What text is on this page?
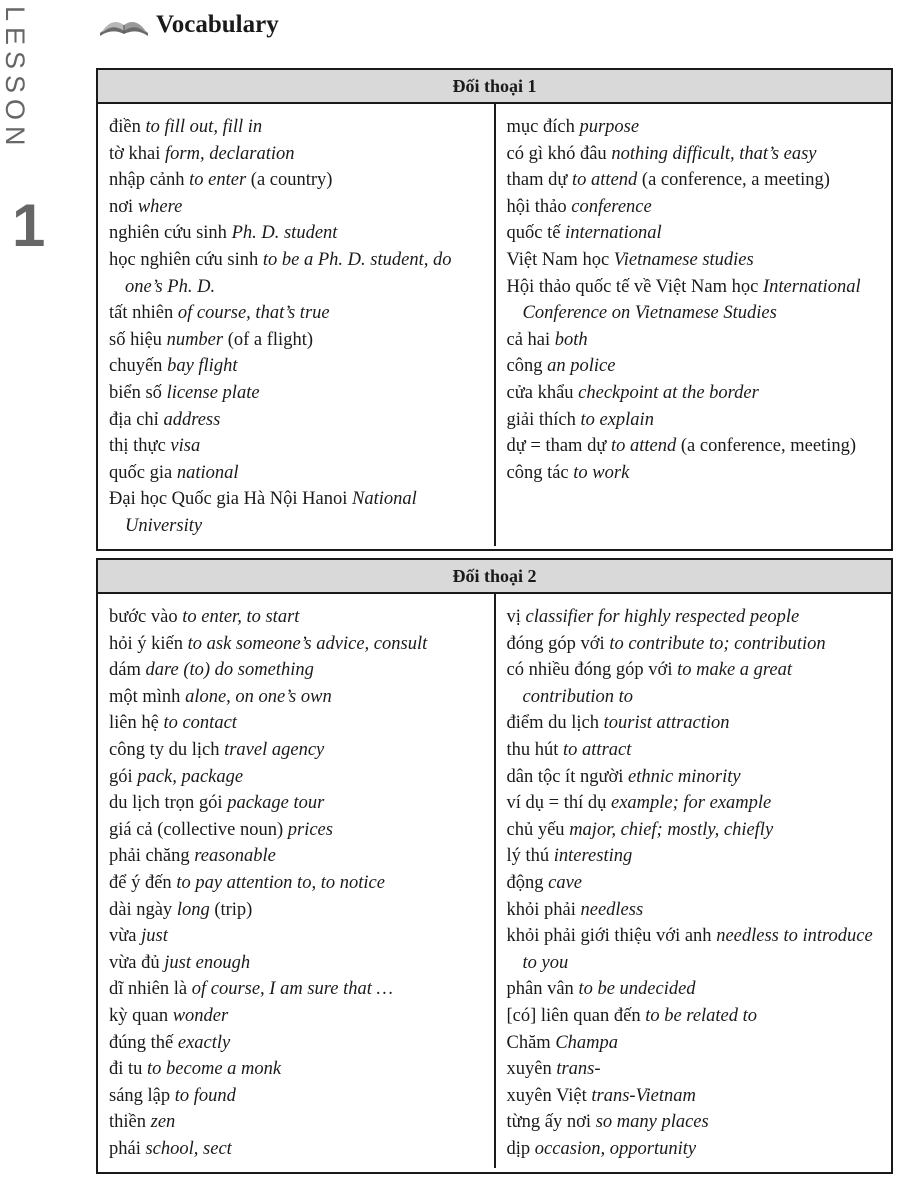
LESSON
1
Vocabulary
Đối thoại 1
điền to fill out, fill in
tờ khai form, declaration
nhập cảnh to enter (a country)
nơi where
nghiên cứu sinh Ph. D. student
học nghiên cứu sinh to be a Ph. D. student, do one’s Ph. D.
tất nhiên of course, that’s true
số hiệu number (of a flight)
chuyến bay flight
biển số license plate
địa chỉ address
thị thực visa
quốc gia national
Đại học Quốc gia Hà Nội Hanoi National University
mục đích purpose
có gì khó đâu nothing difficult, that’s easy
tham dự to attend (a conference, a meeting)
hội thảo conference
quốc tế international
Việt Nam học Vietnamese studies
Hội thảo quốc tế về Việt Nam học International Conference on Vietnamese Studies
cả hai both
công an police
cửa khẩu checkpoint at the border
giải thích to explain
dự = tham dự to attend (a conference, meeting)
công tác to work
Đối thoại 2
bước vào to enter, to start
hỏi ý kiến to ask someone’s advice, consult
dám dare (to) do something
một mình alone, on one’s own
liên hệ to contact
công ty du lịch travel agency
gói pack, package
du lịch trọn gói package tour
giá cả (collective noun) prices
phải chăng reasonable
để ý đến to pay attention to, to notice
dài ngày long (trip)
vừa just
vừa đủ just enough
dĩ nhiên là of course, I am sure that …
kỳ quan wonder
đúng thế exactly
đi tu to become a monk
sáng lập to found
thiền zen
phái school, sect
vị classifier for highly respected people
đóng góp với to contribute to; contribution
có nhiều đóng góp với to make a great contribution to
điểm du lịch tourist attraction
thu hút to attract
dân tộc ít người ethnic minority
ví dụ = thí dụ example; for example
chủ yếu major, chief; mostly, chiefly
lý thú interesting
động cave
khỏi phải needless
khỏi phải giới thiệu với anh needless to introduce to you
phân vân to be undecided
[có] liên quan đến to be related to
Chăm Champa
xuyên trans-
xuyên Việt trans-Vietnam
từng ấy nơi so many places
dịp occasion, opportunity
